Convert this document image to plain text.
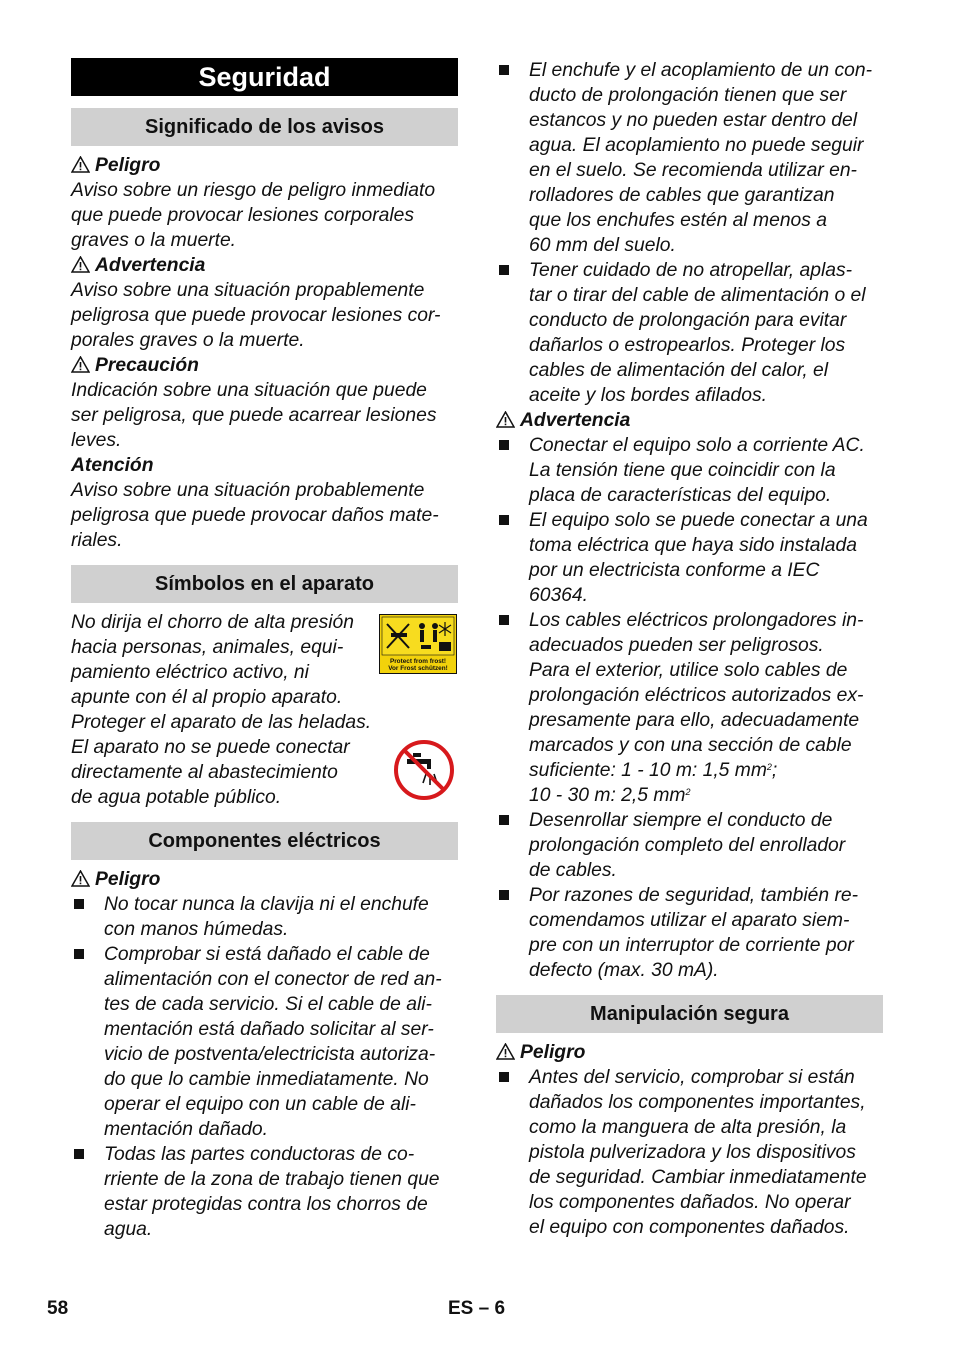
Seguridad
Significado de los avisos
Peligro
Aviso sobre un riesgo de peligro inmediato
que puede provocar lesiones corporales
graves o la muerte.
Advertencia
Aviso sobre una situación propablemente
peligrosa que puede provocar lesiones cor-
porales graves o la muerte.
Precaución
Indicación sobre una situación que puede
ser peligrosa, que puede acarrear lesiones
leves.
Atención
Aviso sobre una situación probablemente
peligrosa que puede provocar daños mate-
riales.
Símbolos en el aparato
No dirija el chorro de alta presión
hacia personas, animales, equi-
pamiento eléctrico activo, ni
apunte con él al propio aparato.
Proteger el aparato de las heladas.
El aparato no se puede conectar
directamente al abastecimiento
de agua potable público.
Protect from frost!
Vor Frost schützen!
Componentes eléctricos
Peligro
No tocar nunca la clavija ni el enchufe
con manos húmedas.
Comprobar si está dañado el cable de
alimentación con el conector de red an-
tes de cada servicio. Si el cable de ali-
mentación está dañado solicitar al ser-
vicio de postventa/electricista autoriza-
do que lo cambie inmediatamente. No
operar el equipo con un cable de ali-
mentación dañado.
Todas las partes conductoras de co-
rriente de la zona de trabajo tienen que
estar protegidas contra los chorros de
agua.
El enchufe y el acoplamiento de un con-
ducto de prolongación tienen que ser
estancos y no pueden estar dentro del
agua. El acoplamiento no puede seguir
en el suelo. Se recomienda utilizar en-
rolladores de cables que garantizan
que los enchufes estén al menos a
60 mm del suelo.
Tener cuidado de no atropellar, aplas-
tar o tirar del cable de alimentación o el
conducto de prolongación para evitar
dañarlos o estropearlos. Proteger los
cables de alimentación del calor, el
aceite y los bordes afilados.
Advertencia
Conectar el equipo solo a corriente AC.
La tensión tiene que coincidir con la
placa de características del equipo.
El equipo solo se puede conectar a una
toma eléctrica que haya sido instalada
por un electricista conforme a IEC
60364.
Los cables eléctricos prolongadores in-
adecuados pueden ser peligrosos.
Para el exterior, utilice solo cables de
prolongación eléctricos autorizados ex-
presamente para ello, adecuadamente
marcados y con una sección de cable
suficiente: 1 - 10 m: 1,5 $mm^2$;
10 - 30 m: 2,5 $mm^2$
Desenrollar siempre el conducto de
prolongación completo del enrollador
de cables.
Por razones de seguridad, también re-
comendamos utilizar el aparato siem-
pre con un interruptor de corriente por
defecto (max. 30 mA).
Manipulación segura
Peligro
Antes del servicio, comprobar si están
dañados los componentes importantes,
como la manguera de alta presión, la
pistola pulverizadora y los dispositivos
de seguridad. Cambiar inmediatamente
los componentes dañados. No operar
el equipo con componentes dañados.
58	ES – 6
